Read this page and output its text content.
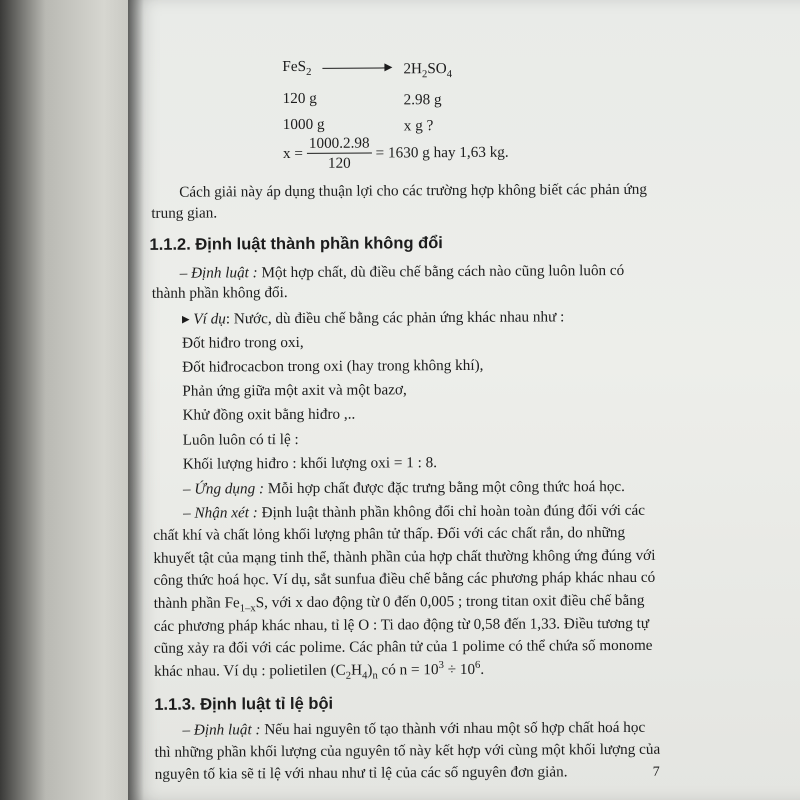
FeS$_2$	$2H_2SO_4$
120 g	2.98 g
1000 g	x g ?
$x = \frac{1000.2.98}{120} = 1630$ g hay 1,63 kg.
Cách giải này áp dụng thuận lợi cho các trường hợp không biết các phản ứng
trung gian.
1.1.2. Định luật thành phần không đổi
– Định luật : Một hợp chất, dù điều chế bằng cách nào cũng luôn luôn có
thành phần không đổi.
▸ Ví dụ: Nước, dù điều chế bằng các phản ứng khác nhau như :
Đốt hiđro trong oxi,
Đốt hiđrocacbon trong oxi (hay trong không khí),
Phản ứng giữa một axit và một bazơ,
Khử đồng oxit bằng hiđro ,..
Luôn luôn có tỉ lệ :
Khối lượng hiđro : khối lượng oxi = 1 : 8.
– Ứng dụng : Mỗi hợp chất được đặc trưng bằng một công thức hoá học.
– Nhận xét : Định luật thành phần không đổi chỉ hoàn toàn đúng đối với các
chất khí và chất lỏng khối lượng phân tử thấp. Đối với các chất rắn, do những
khuyết tật của mạng tinh thể, thành phần của hợp chất thường không ứng đúng với
công thức hoá học. Ví dụ, sắt sunfua điều chế bằng các phương pháp khác nhau có
thành phần $Fe_{1-x}S$, với x dao động từ 0 đến 0,005 ; trong titan oxit điều chế bằng
các phương pháp khác nhau, tỉ lệ O : Ti dao động từ 0,58 đến 1,33. Điều tương tự
cũng xảy ra đối với các polime. Các phân tử của 1 polime có thể chứa số monome
khác nhau. Ví dụ : polietilen $(C_2H_4)_n$ có $n = 10^3 \div 10^6$.
1.1.3. Định luật tỉ lệ bội
– Định luật : Nếu hai nguyên tố tạo thành với nhau một số hợp chất hoá học
thì những phần khối lượng của nguyên tố này kết hợp với cùng một khối lượng của
nguyên tố kia sẽ tỉ lệ với nhau như tỉ lệ của các số nguyên đơn giản.	7
